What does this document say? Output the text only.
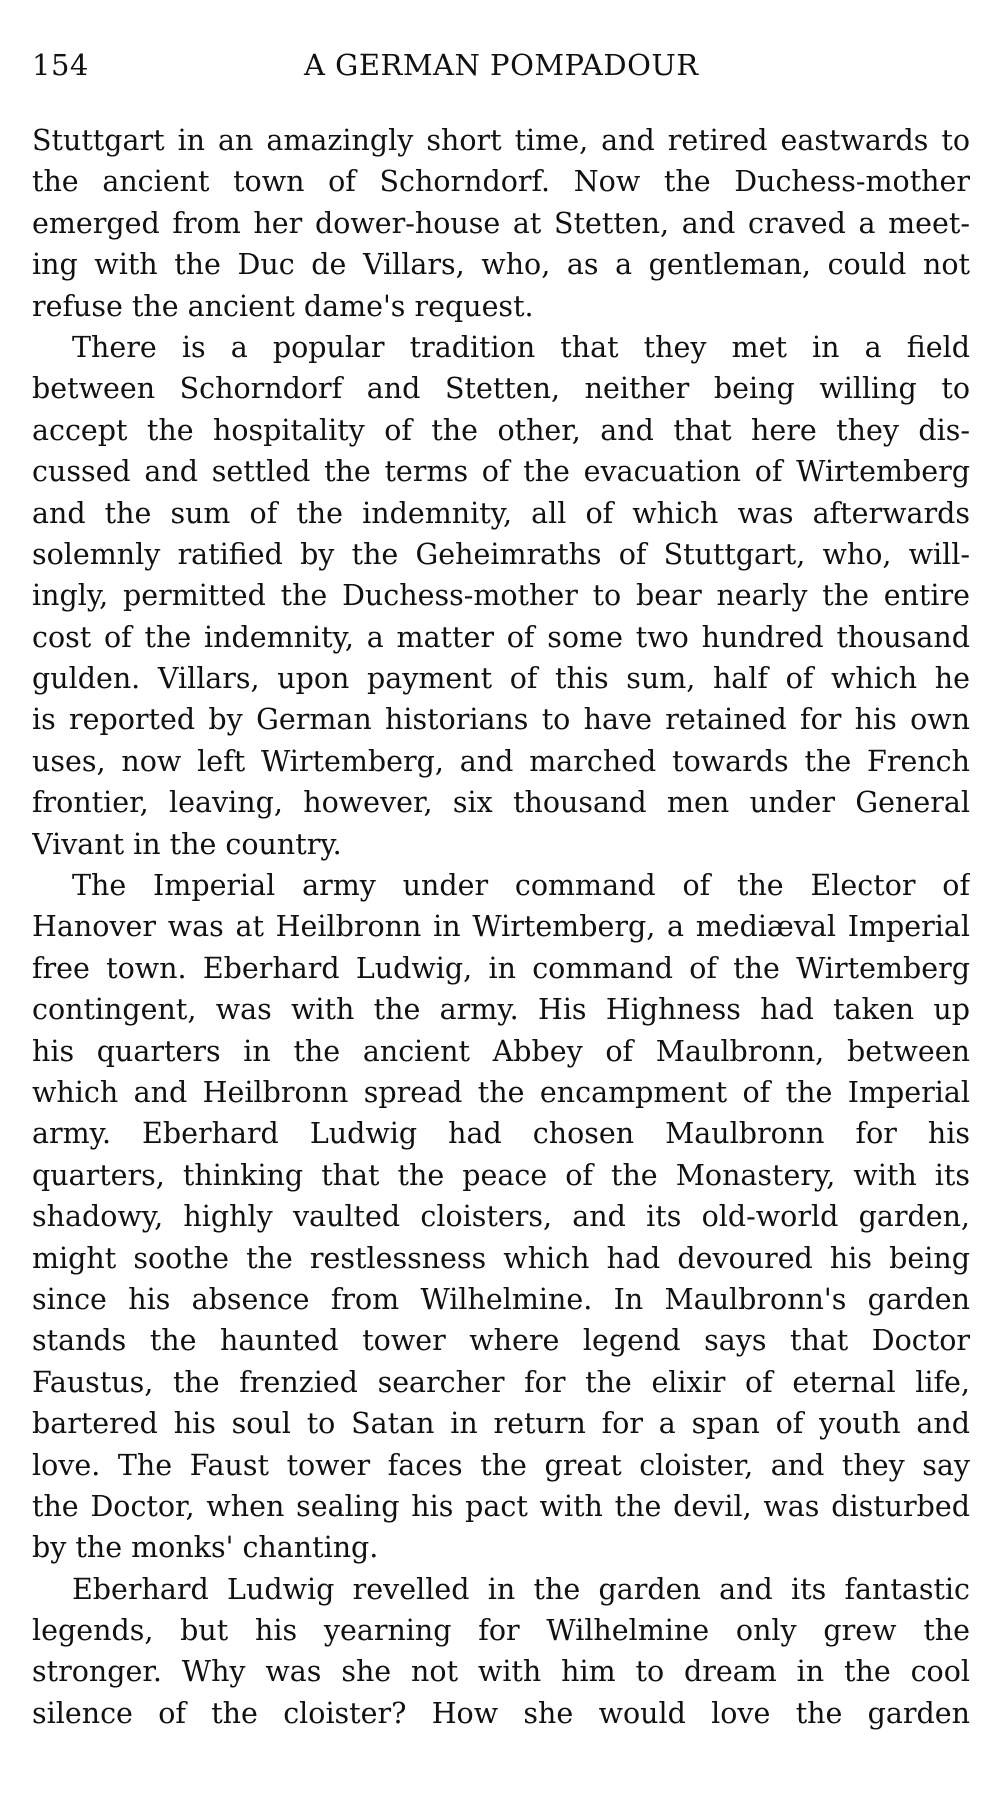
154	A GERMAN POMPADOUR
Stuttgart in an amazingly short time, and retired eastwards to
the ancient town of Schorndorf. Now the Duchess-mother
emerged from her dower-house at Stetten, and craved a meet-
ing with the Duc de Villars, who, as a gentleman, could not
refuse the ancient dame's request.
There is a popular tradition that they met in a field
between Schorndorf and Stetten, neither being willing to
accept the hospitality of the other, and that here they dis-
cussed and settled the terms of the evacuation of Wirtemberg
and the sum of the indemnity, all of which was afterwards
solemnly ratified by the Geheimraths of Stuttgart, who, will-
ingly, permitted the Duchess-mother to bear nearly the entire
cost of the indemnity, a matter of some two hundred thousand
gulden. Villars, upon payment of this sum, half of which he
is reported by German historians to have retained for his own
uses, now left Wirtemberg, and marched towards the French
frontier, leaving, however, six thousand men under General
Vivant in the country.
The Imperial army under command of the Elector of
Hanover was at Heilbronn in Wirtemberg, a mediæval Imperial
free town. Eberhard Ludwig, in command of the Wirtemberg
contingent, was with the army. His Highness had taken up
his quarters in the ancient Abbey of Maulbronn, between
which and Heilbronn spread the encampment of the Imperial
army. Eberhard Ludwig had chosen Maulbronn for his
quarters, thinking that the peace of the Monastery, with its
shadowy, highly vaulted cloisters, and its old-world garden,
might soothe the restlessness which had devoured his being
since his absence from Wilhelmine. In Maulbronn's garden
stands the haunted tower where legend says that Doctor
Faustus, the frenzied searcher for the elixir of eternal life,
bartered his soul to Satan in return for a span of youth and
love. The Faust tower faces the great cloister, and they say
the Doctor, when sealing his pact with the devil, was disturbed
by the monks' chanting.
Eberhard Ludwig revelled in the garden and its fantastic
legends, but his yearning for Wilhelmine only grew the
stronger. Why was she not with him to dream in the cool
silence of the cloister? How she would love the garden
